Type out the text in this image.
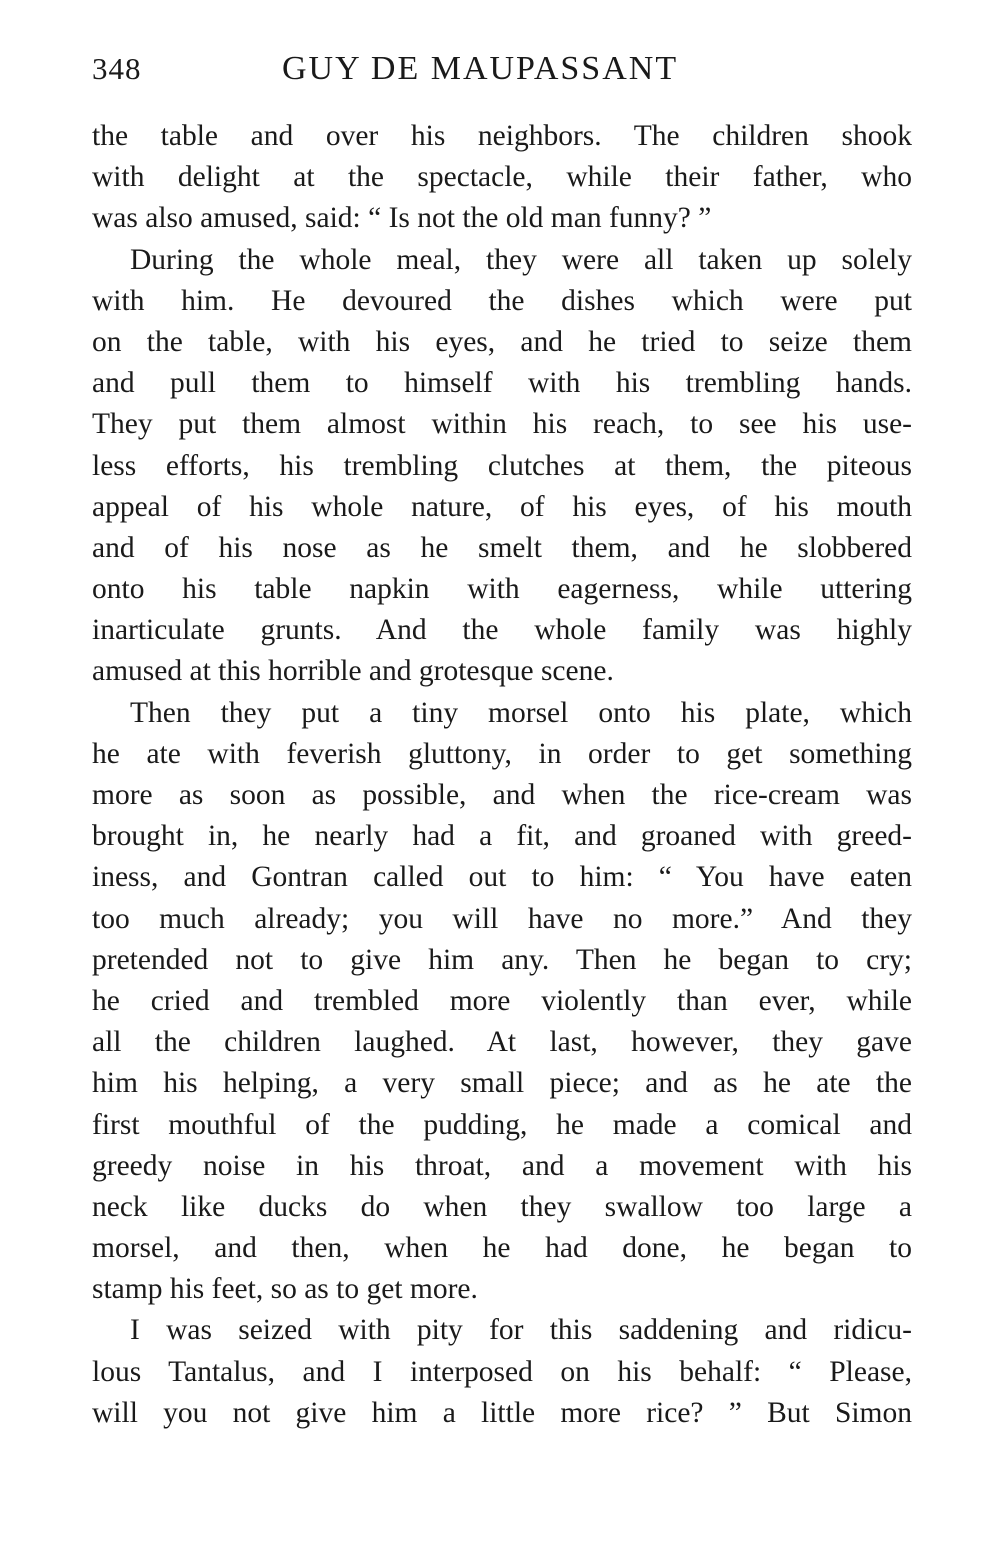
348	GUY DE MAUPASSANT
the table and over his neighbors. The children shook
with delight at the spectacle, while their father, who
was also amused, said: “ Is not the old man funny? ”
During the whole meal, they were all taken up solely
with him. He devoured the dishes which were put
on the table, with his eyes, and he tried to seize them
and pull them to himself with his trembling hands.
They put them almost within his reach, to see his use-
less efforts, his trembling clutches at them, the piteous
appeal of his whole nature, of his eyes, of his mouth
and of his nose as he smelt them, and he slobbered
onto his table napkin with eagerness, while uttering
inarticulate grunts. And the whole family was highly
amused at this horrible and grotesque scene.
Then they put a tiny morsel onto his plate, which
he ate with feverish gluttony, in order to get something
more as soon as possible, and when the rice-cream was
brought in, he nearly had a fit, and groaned with greed-
iness, and Gontran called out to him: “ You have eaten
too much already; you will have no more.” And they
pretended not to give him any. Then he began to cry;
he cried and trembled more violently than ever, while
all the children laughed. At last, however, they gave
him his helping, a very small piece; and as he ate the
first mouthful of the pudding, he made a comical and
greedy noise in his throat, and a movement with his
neck like ducks do when they swallow too large a
morsel, and then, when he had done, he began to
stamp his feet, so as to get more.
I was seized with pity for this saddening and ridicu-
lous Tantalus, and I interposed on his behalf: “ Please,
will you not give him a little more rice? ” But Simon
